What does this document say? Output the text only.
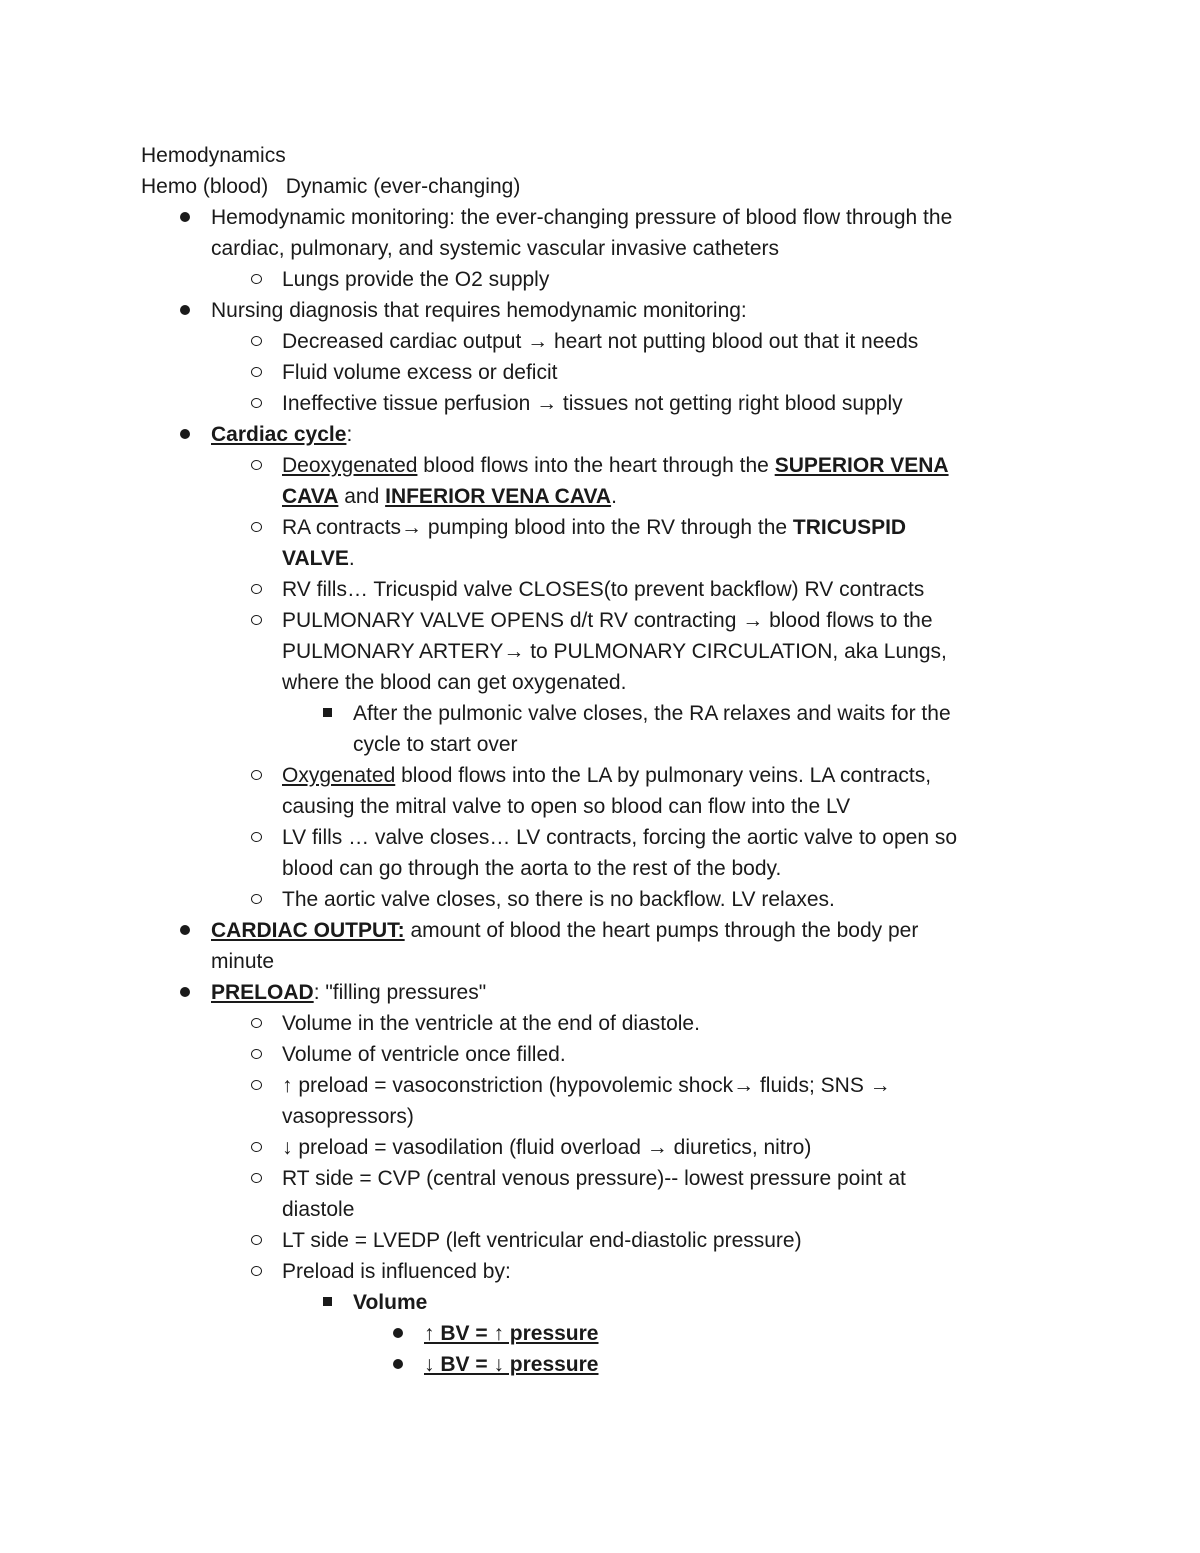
Hemodynamics
Hemo (blood)   Dynamic (ever-changing)
Hemodynamic monitoring: the ever-changing pressure of blood flow through the
cardiac, pulmonary, and systemic vascular invasive catheters
Lungs provide the O2 supply
Nursing diagnosis that requires hemodynamic monitoring:
Decreased cardiac output → heart not putting blood out that it needs
Fluid volume excess or deficit
Ineffective tissue perfusion → tissues not getting right blood supply
Cardiac cycle:
Deoxygenated blood flows into the heart through the SUPERIOR VENA
CAVA and INFERIOR VENA CAVA.
RA contracts→ pumping blood into the RV through the TRICUSPID
VALVE.
RV fills… Tricuspid valve CLOSES(to prevent backflow) RV contracts
PULMONARY VALVE OPENS d/t RV contracting → blood flows to the
PULMONARY ARTERY→ to PULMONARY CIRCULATION, aka Lungs,
where the blood can get oxygenated.
After the pulmonic valve closes, the RA relaxes and waits for the
cycle to start over
Oxygenated blood flows into the LA by pulmonary veins. LA contracts,
causing the mitral valve to open so blood can flow into the LV
LV fills … valve closes… LV contracts, forcing the aortic valve to open so
blood can go through the aorta to the rest of the body.
The aortic valve closes, so there is no backflow. LV relaxes.
CARDIAC OUTPUT: amount of blood the heart pumps through the body per
minute
PRELOAD: "filling pressures"
Volume in the ventricle at the end of diastole.
Volume of ventricle once filled.
↑ preload = vasoconstriction (hypovolemic shock→ fluids; SNS →
vasopressors)
↓ preload = vasodilation (fluid overload → diuretics, nitro)
RT side = CVP (central venous pressure)-- lowest pressure point at
diastole
LT side = LVEDP (left ventricular end-diastolic pressure)
Preload is influenced by:
Volume
↑ BV = ↑ pressure
↓ BV = ↓ pressure
